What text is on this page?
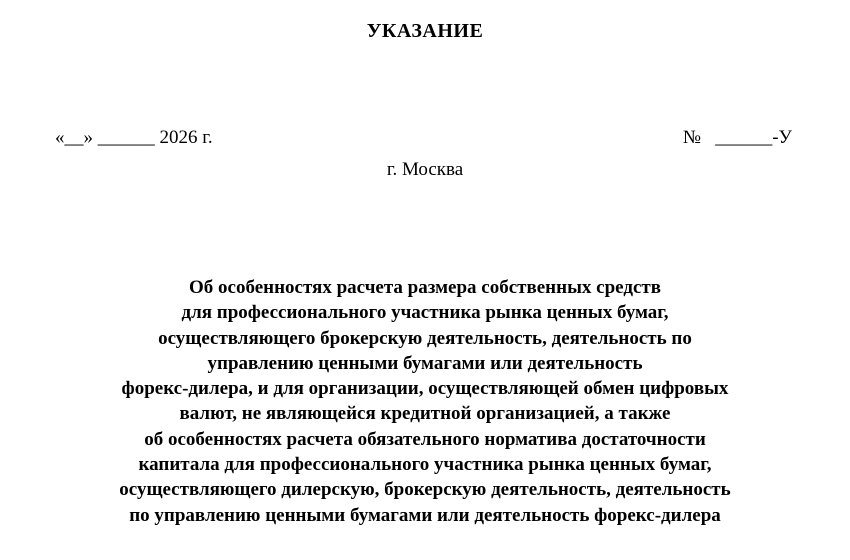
УКАЗАНИЕ
«__» ______ 2026 г.	№   ______-У
г. Москва
Об особенностях расчета размера собственных средств
для профессионального участника рынка ценных бумаг,
осуществляющего брокерскую деятельность, деятельность по
управлению ценными бумагами или деятельность
форекс-дилера, и для организации, осуществляющей обмен цифровых
валют, не являющейся кредитной организацией, а также
об особенностях расчета обязательного норматива достаточности
капитала для профессионального участника рынка ценных бумаг,
осуществляющего дилерскую, брокерскую деятельность, деятельность
по управлению ценными бумагами или деятельность форекс-дилера
